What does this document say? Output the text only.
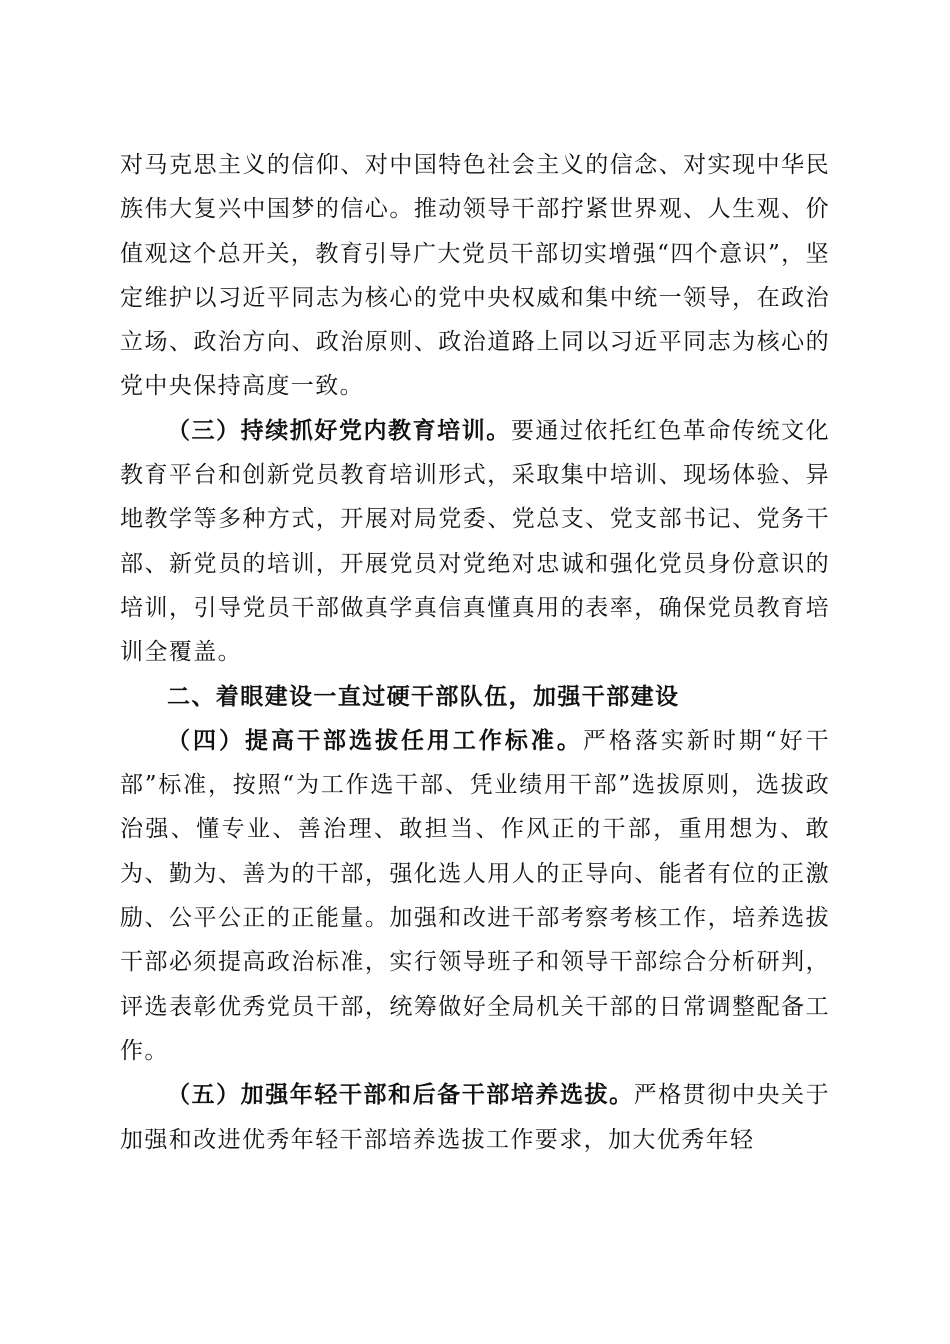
对马克思主义的信仰、对中国特色社会主义的信念、对实现中华民族伟大复兴中国梦的信心。推动领导干部拧紧世界观、人生观、价值观这个总开关，教育引导广大党员干部切实增强“四个意识”，坚定维护以习近平同志为核心的党中央权威和集中统一领导，在政治立场、政治方向、政治原则、政治道路上同以习近平同志为核心的党中央保持高度一致。

（三）持续抓好党内教育培训。要通过依托红色革命传统文化教育平台和创新党员教育培训形式，采取集中培训、现场体验、异地教学等多种方式，开展对局党委、党总支、党支部书记、党务干部、新党员的培训，开展党员对党绝对忠诚和强化党员身份意识的培训，引导党员干部做真学真信真懂真用的表率，确保党员教育培训全覆盖。

二、着眼建设一直过硬干部队伍，加强干部建设

（四）提高干部选拔任用工作标准。严格落实新时期“好干部”标准，按照“为工作选干部、凭业绩用干部”选拔原则，选拔政治强、懂专业、善治理、敢担当、作风正的干部，重用想为、敢为、勤为、善为的干部，强化选人用人的正导向、能者有位的正激励、公平公正的正能量。加强和改进干部考察考核工作，培养选拔干部必须提高政治标准，实行领导班子和领导干部综合分析研判，评选表彰优秀党员干部，统筹做好全局机关干部的日常调整配备工作。

（五）加强年轻干部和后备干部培养选拔。严格贯彻中央关于加强和改进优秀年轻干部培养选拔工作要求，加大优秀年轻
